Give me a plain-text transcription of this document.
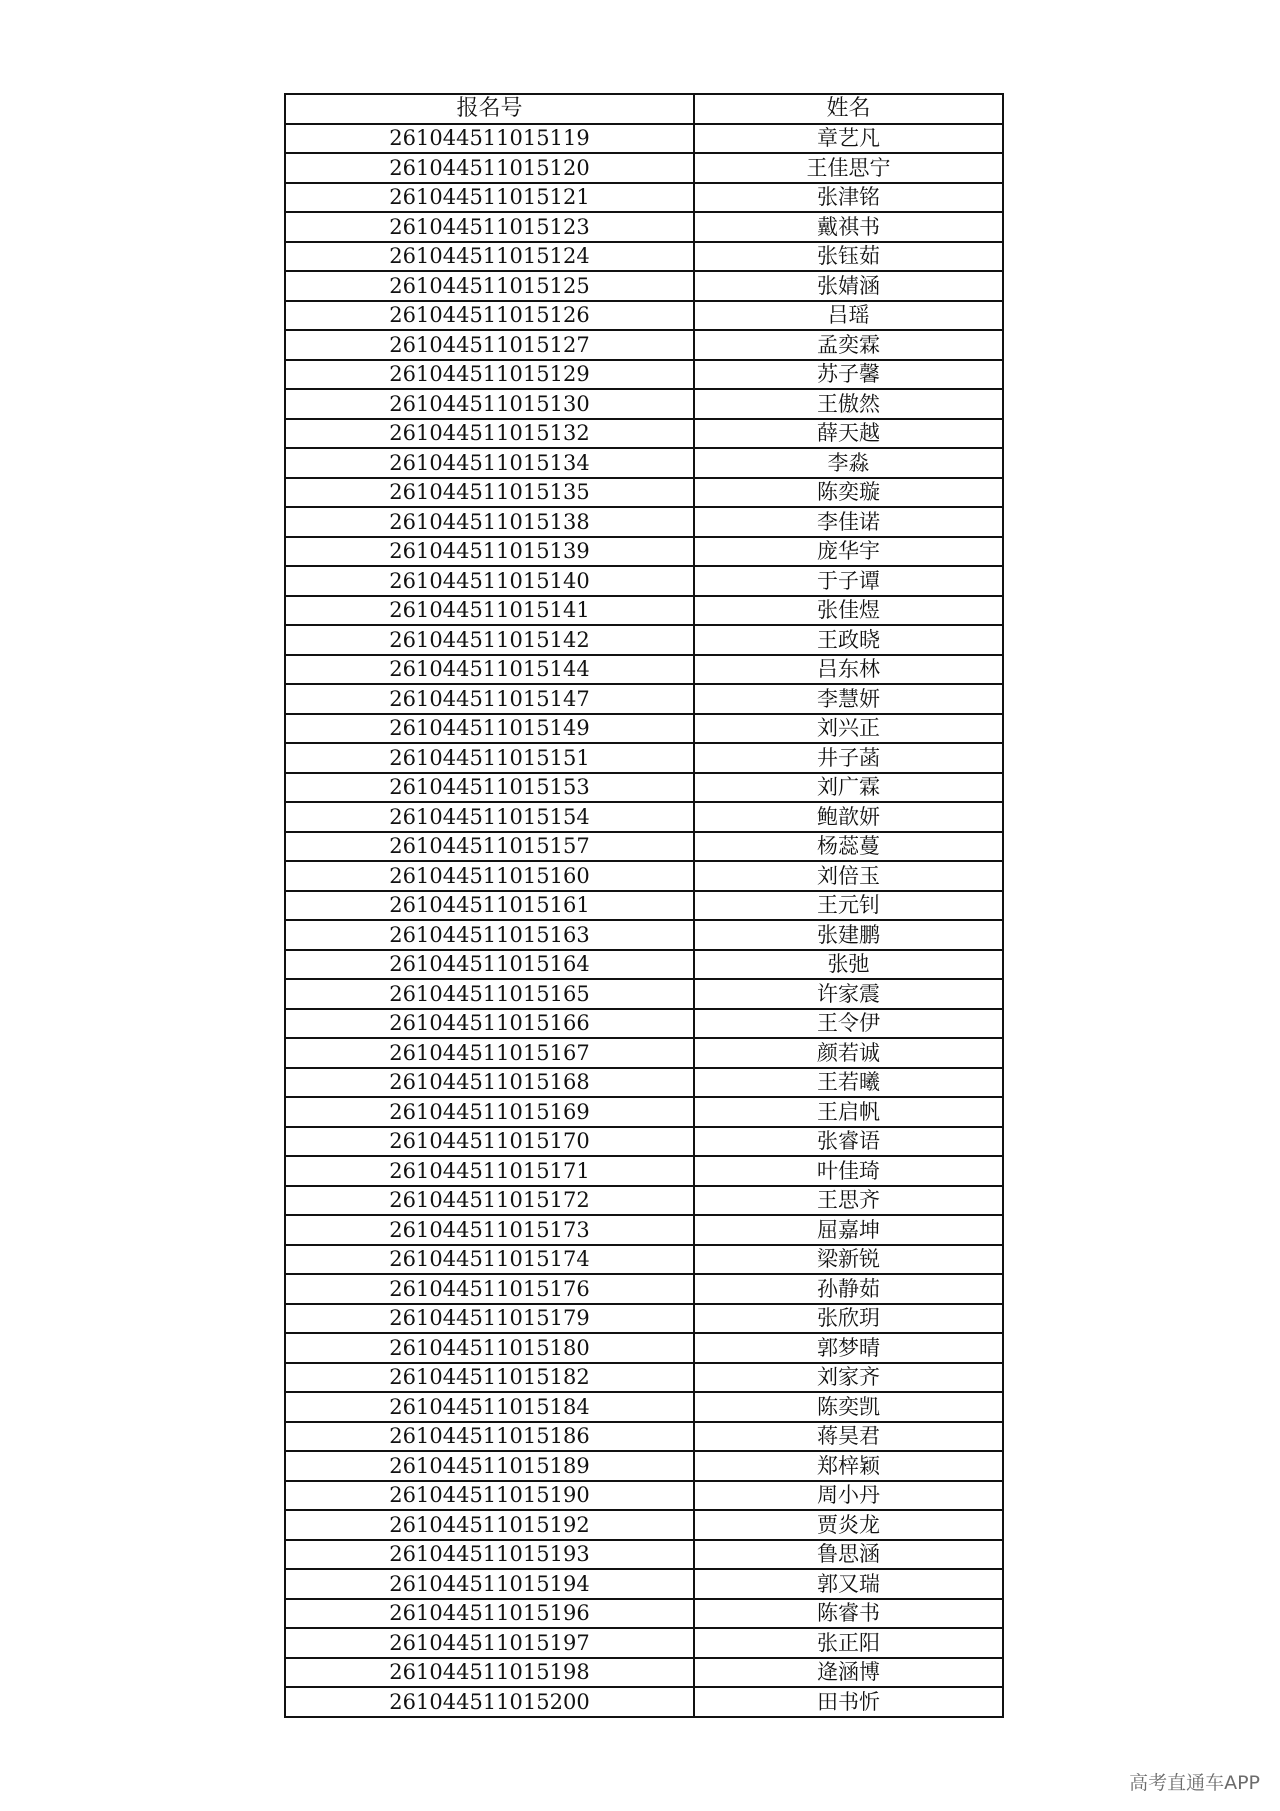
报名号	姓名
261044511015119	章艺凡
261044511015120	王佳思宁
261044511015121	张津铭
261044511015123	戴祺书
261044511015124	张钰茹
261044511015125	张婧涵
261044511015126	吕瑶
261044511015127	孟奕霖
261044511015129	苏子馨
261044511015130	王傲然
261044511015132	薛天越
261044511015134	李淼
261044511015135	陈奕璇
261044511015138	李佳诺
261044511015139	庞华宇
261044511015140	于子谭
261044511015141	张佳煜
261044511015142	王政晓
261044511015144	吕东林
261044511015147	李慧妍
261044511015149	刘兴正
261044511015151	井子菡
261044511015153	刘广霖
261044511015154	鲍歆妍
261044511015157	杨蕊蔓
261044511015160	刘倍玉
261044511015161	王元钊
261044511015163	张建鹏
261044511015164	张弛
261044511015165	许家震
261044511015166	王令伊
261044511015167	颜若诚
261044511015168	王若曦
261044511015169	王启帆
261044511015170	张睿语
261044511015171	叶佳琦
261044511015172	王思齐
261044511015173	屈嘉坤
261044511015174	梁新锐
261044511015176	孙静茹
261044511015179	张欣玥
261044511015180	郭梦晴
261044511015182	刘家齐
261044511015184	陈奕凯
261044511015186	蒋昊君
261044511015189	郑梓颖
261044511015190	周小丹
261044511015192	贾炎龙
261044511015193	鲁思涵
261044511015194	郭又瑞
261044511015196	陈睿书
261044511015197	张正阳
261044511015198	逄涵博
261044511015200	田书忻
高考直通车APP
